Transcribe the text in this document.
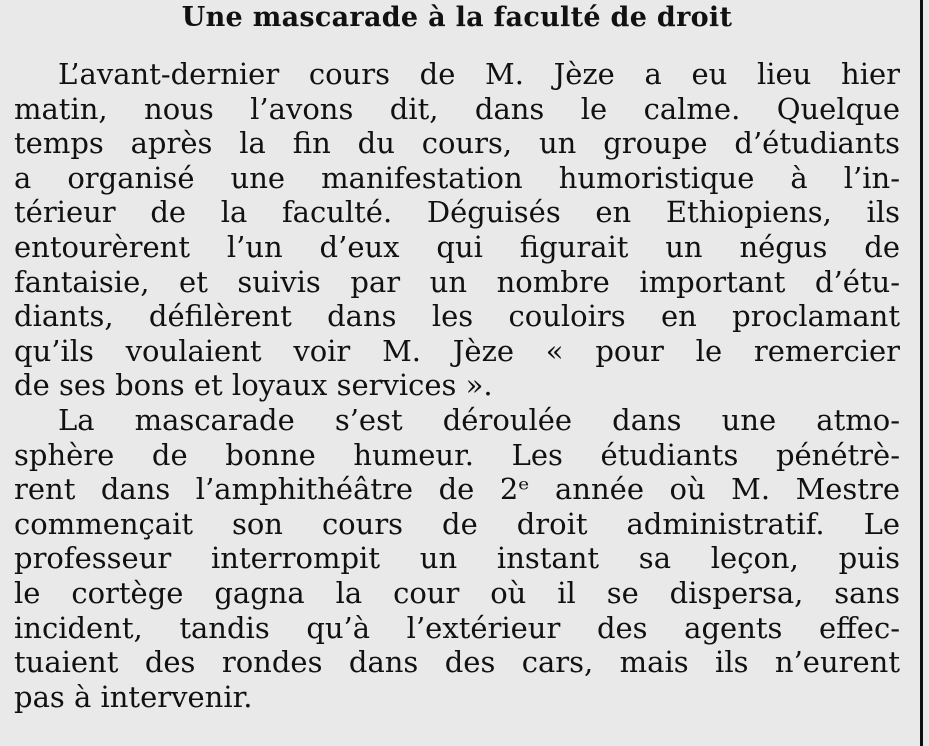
Une mascarade à la faculté de droit
L’avant-dernier cours de M. Jèze a eu lieu hier
matin, nous l’avons dit, dans le calme. Quelque
temps après la fin du cours, un groupe d’étudiants
a organisé une manifestation humoristique à l’in-
térieur de la faculté. Déguisés en Ethiopiens, ils
entourèrent l’un d’eux qui figurait un négus de
fantaisie, et suivis par un nombre important d’étu-
diants, défilèrent dans les couloirs en proclamant
qu’ils voulaient voir M. Jèze « pour le remercier
de ses bons et loyaux services ».
La mascarade s’est déroulée dans une atmo-
sphère de bonne humeur. Les étudiants pénétrè-
rent dans l’amphithéâtre de 2ᵉ année où M. Mestre
commençait son cours de droit administratif. Le
professeur interrompit un instant sa leçon, puis
le cortège gagna la cour où il se dispersa, sans
incident, tandis qu’à l’extérieur des agents effec-
tuaient des rondes dans des cars, mais ils n’eurent
pas à intervenir.
